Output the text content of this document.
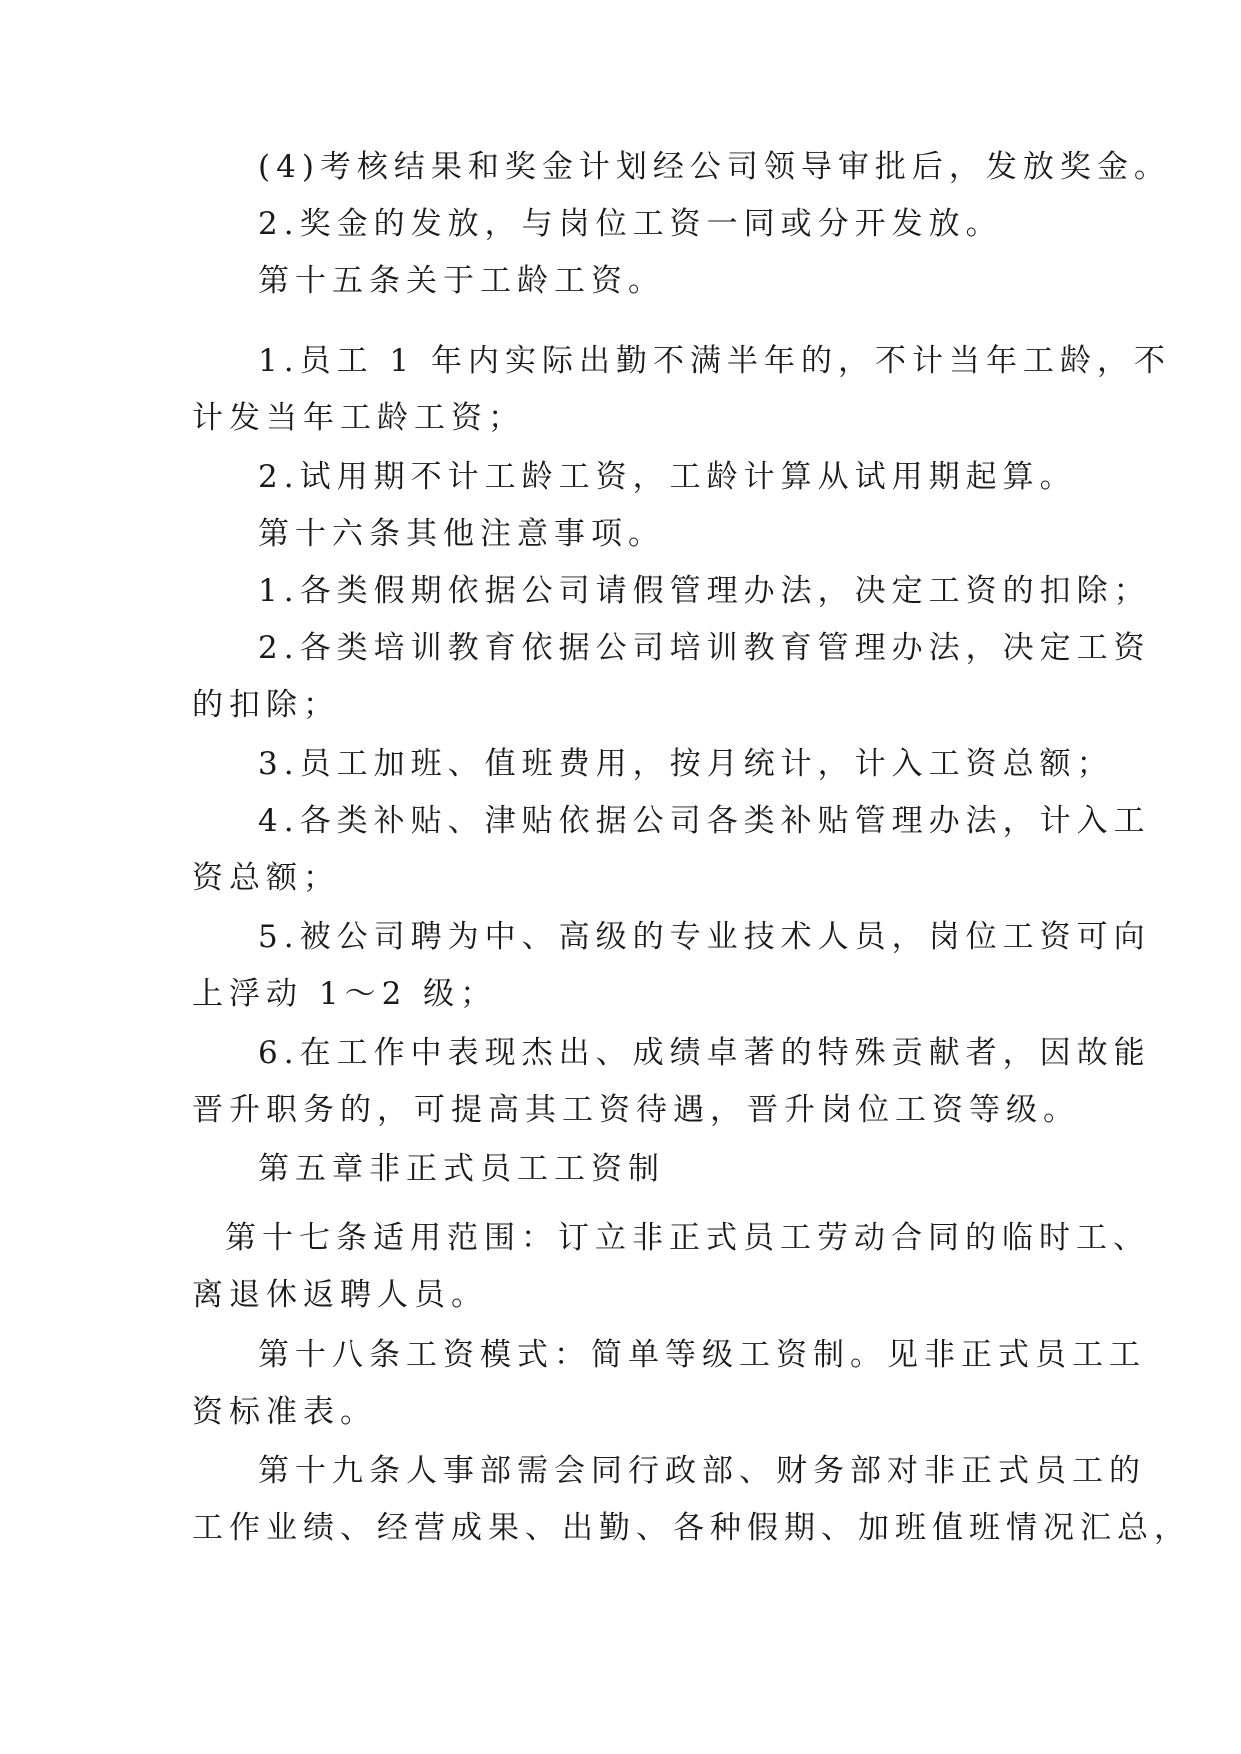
(4)考核结果和奖金计划经公司领导审批后，发放奖金。
2.奖金的发放，与岗位工资一同或分开发放。
第十五条关于工龄工资。
1.员工 1 年内实际出勤不满半年的，不计当年工龄，不
计发当年工龄工资；
2.试用期不计工龄工资，工龄计算从试用期起算。
第十六条其他注意事项。
1.各类假期依据公司请假管理办法，决定工资的扣除；
2.各类培训教育依据公司培训教育管理办法，决定工资
的扣除；
3.员工加班、值班费用，按月统计，计入工资总额；
4.各类补贴、津贴依据公司各类补贴管理办法，计入工
资总额；
5.被公司聘为中、高级的专业技术人员，岗位工资可向
上浮动 1～2 级；
6.在工作中表现杰出、成绩卓著的特殊贡献者，因故能
晋升职务的，可提高其工资待遇，晋升岗位工资等级。
第五章非正式员工工资制
第十七条适用范围：订立非正式员工劳动合同的临时工、
离退休返聘人员。
第十八条工资模式：简单等级工资制。见非正式员工工
资标准表。
第十九条人事部需会同行政部、财务部对非正式员工的
工作业绩、经营成果、出勤、各种假期、加班值班情况汇总，
